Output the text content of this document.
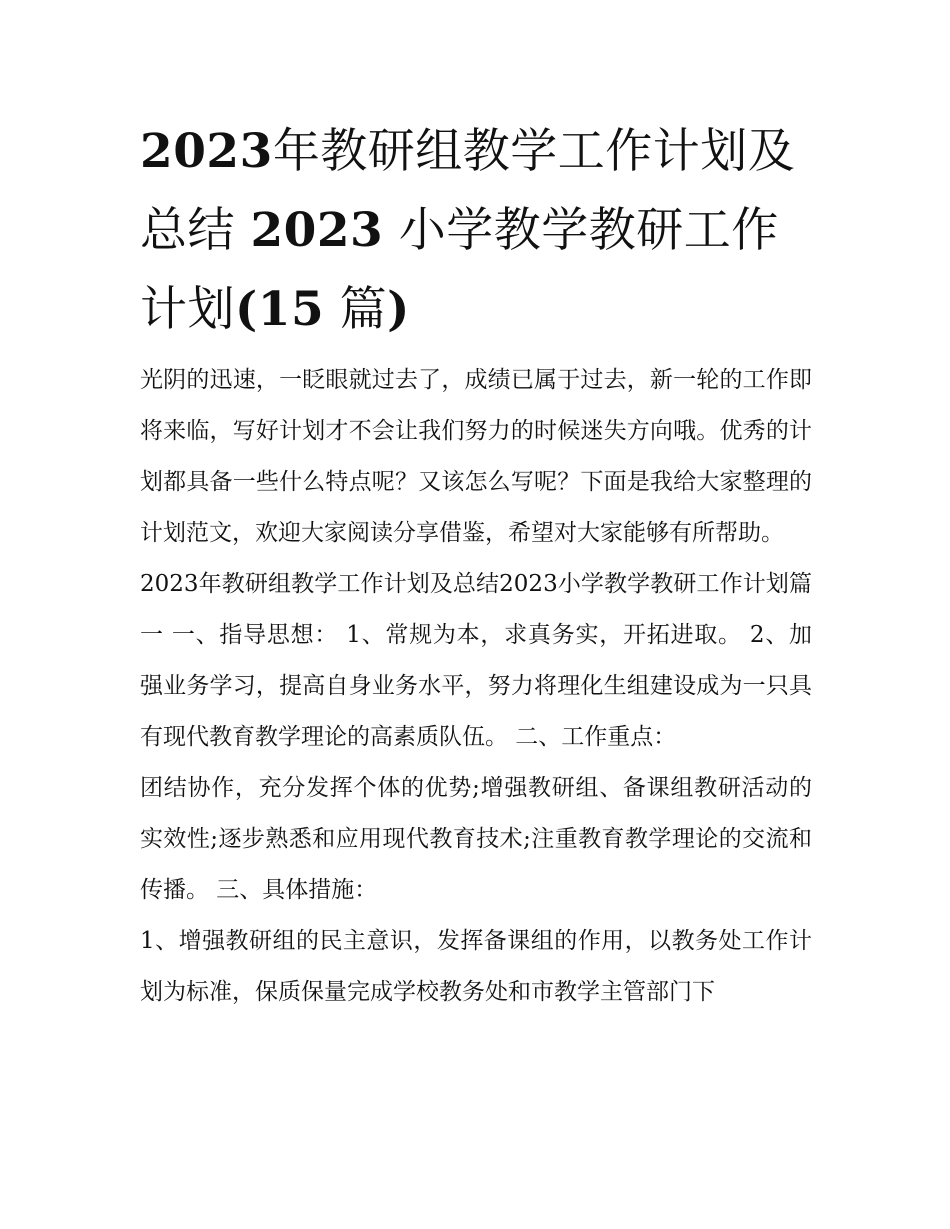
2023年教研组教学工作计划及
总结 2023 小学教学教研工作
计划(15 篇)

光阴的迅速，一眨眼就过去了，成绩已属于过去，新一轮的工作即将来临，写好计划才不会让我们努力的时候迷失方向哦。优秀的计划都具备一些什么特点呢？又该怎么写呢？下面是我给大家整理的计划范文，欢迎大家阅读分享借鉴，希望对大家能够有所帮助。

2023年教研组教学工作计划及总结2023小学教学教研工作计划篇一 一、指导思想： 1、常规为本，求真务实，开拓进取。 2、加强业务学习，提高自身业务水平，努力将理化生组建设成为一只具有现代教育教学理论的高素质队伍。 二、工作重点：

团结协作，充分发挥个体的优势;增强教研组、备课组教研活动的实效性;逐步熟悉和应用现代教育技术;注重教育教学理论的交流和传播。 三、具体措施：

1、增强教研组的民主意识，发挥备课组的作用，以教务处工作计划为标准，保质保量完成学校教务处和市教学主管部门下
